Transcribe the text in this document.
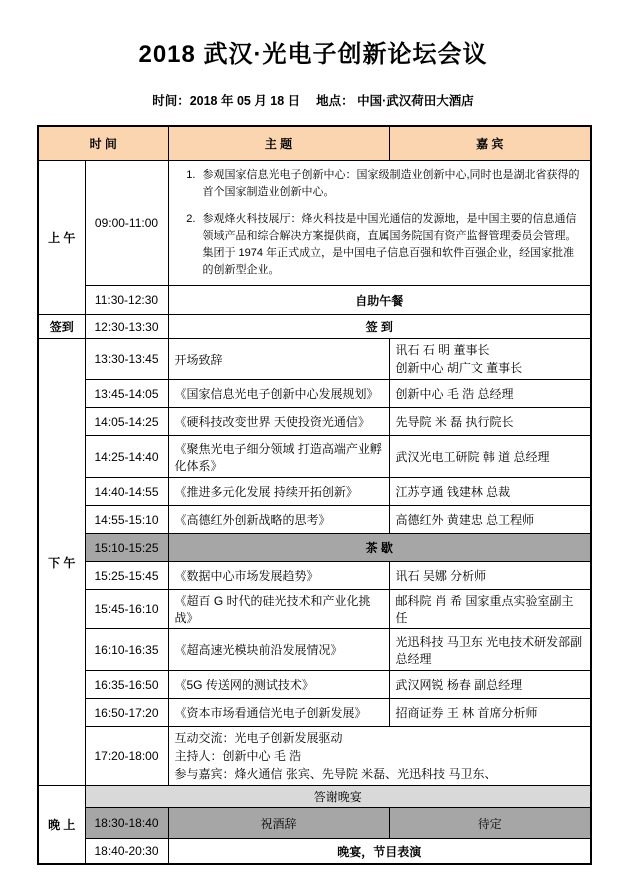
2018 武汉·光电子创新论坛会议
时间：2018 年 05 月 18 日　 地点： 中国·武汉荷田大酒店
时 间		主 题	嘉 宾
上 午	09:00-11:00	
1. 参观国家信息光电子创新中心：国家级制造业创新中心,同时也是湖北省获得的首个国家制造业创新中心。
2. 参观烽火科技展厅：烽火科技是中国光通信的发源地，是中国主要的信息通信领域产品和综合解决方案提供商，直属国务院国有资产监督管理委员会管理。集团于 1974 年正式成立，是中国电子信息百强和软件百强企业，经国家批准的创新型企业。

	11:30-12:30	自助午餐	
签到	12:30-13:30	签 到	
下 午	13:30-13:45	开场致辞	讯石 石 明 董事长
创新中心 胡广文 董事长

	13:45-14:05	《国家信息光电子创新中心发展规划》	创新中心 毛 浩 总经理
	14:05-14:25	《硬科技改变世界 天使投资光通信》	先导院 米 磊 执行院长
	14:25-14:40	《聚焦光电子细分领域 打造高端产业孵化体系》	武汉光电工研院 韩 道 总经理
	14:40-14:55	《推进多元化发展 持续开拓创新》	江苏亨通 钱建林 总裁
	14:55-15:10	《高德红外创新战略的思考》	高德红外 黄建忠 总工程师
	15:10-15:25	茶 歇	
	15:25-15:45	《数据中心市场发展趋势》	讯石 吴娜 分析师
	15:45-16:10	《超百 G 时代的硅光技术和产业化挑战》	邮科院 肖 希 国家重点实验室副主任
	16:10-16:35	《超高速光模块前沿发展情况》	光迅科技 马卫东 光电技术研发部副总经理
	16:35-16:50	《5G 传送网的测试技术》	武汉网锐 杨春 副总经理
	16:50-17:20	《资本市场看通信光电子创新发展》	招商证券 王 林 首席分析师
	17:20-18:00	互动交流：光电子创新发展驱动
主持人：创新中心 毛 浩
参与嘉宾：烽火通信 张宾、先导院 米磊、光迅科技 马卫东、	

晚 上	答谢晚宴		
	18:30-18:40	祝酒辞	待定
	18:40-20:30	晚宴，节目表演	
